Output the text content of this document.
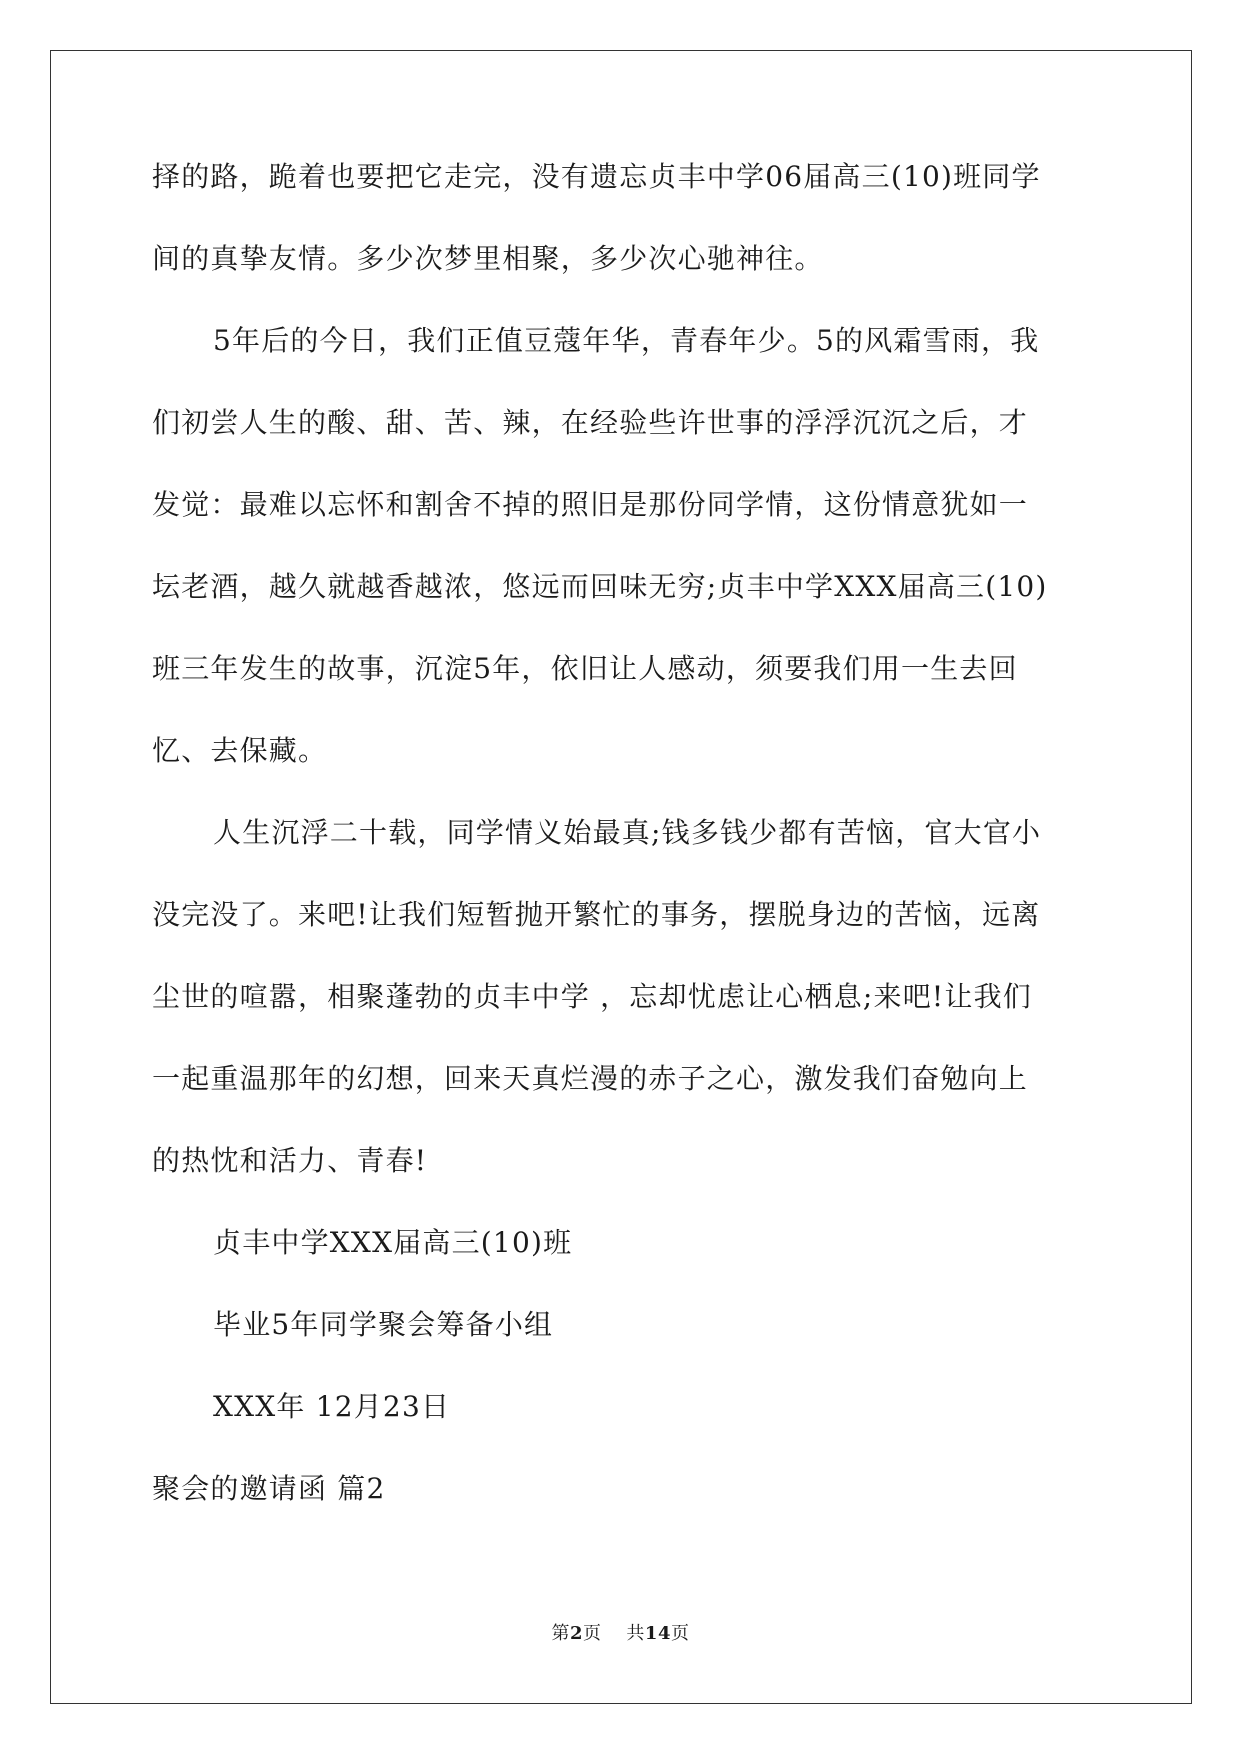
择的路，跪着也要把它走完，没有遗忘贞丰中学06届高三(10)班同学
间的真挚友情。多少次梦里相聚，多少次心驰神往。
5年后的今日，我们正值豆蔻年华，青春年少。5的风霜雪雨，我
们初尝人生的酸、甜、苦、辣，在经验些许世事的浮浮沉沉之后，才
发觉：最难以忘怀和割舍不掉的照旧是那份同学情，这份情意犹如一
坛老酒，越久就越香越浓，悠远而回味无穷;贞丰中学XXX届高三(10)
班三年发生的故事，沉淀5年，依旧让人感动，须要我们用一生去回
忆、去保藏。
人生沉浮二十载，同学情义始最真;钱多钱少都有苦恼，官大官小
没完没了。来吧!让我们短暂抛开繁忙的事务，摆脱身边的苦恼，远离
尘世的喧嚣，相聚蓬勃的贞丰中学 ，忘却忧虑让心栖息;来吧!让我们
一起重温那年的幻想，回来天真烂漫的赤子之心，激发我们奋勉向上
的热忱和活力、青春!
贞丰中学XXX届高三(10)班
毕业5年同学聚会筹备小组
XXX年 12月23日
聚会的邀请函 篇2
第2页 共14页
